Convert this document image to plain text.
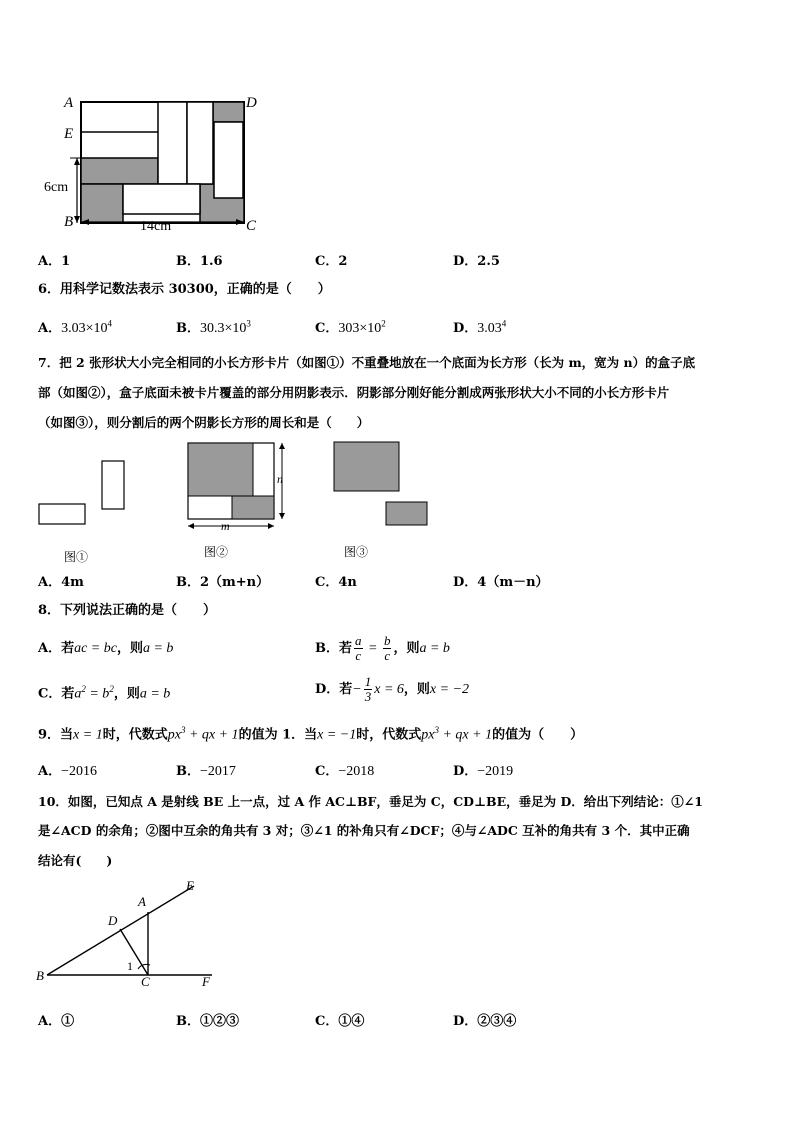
A	D
E
B	C
6cm
14cm
A．1	B．1.6	C．2	D．2.5
6．用科学记数法表示 30300，正确的是（　　）
A．$3.03\times 10^4$	B．$30.3\times 10^3$	C．$303\times 10^2$	D．3.03$^4$
7．把 2 张形状大小完全相同的小长方形卡片（如图①）不重叠地放在一个底面为长方形（长为 m，宽为 n）的盒子底
部（如图②），盒子底面未被卡片覆盖的部分用阴影表示．阴影部分刚好能分割成两张形状大小不同的小长方形卡片
（如图③），则分割后的两个阴影长方形的周长和是（　　）
n
m
图①	图②	图③
A．4m	B．2（m+n）	C．4n	D．4（m－n）
8．下列说法正确的是（　　）
A．若ac = bc，则a = b	B．若 $\frac{a}{c} = \frac{b}{c}$ ，则a = b
C．若$a^2 = b^2$，则a = b	D．若− $\frac{1}{3}$ x = 6，则x = −2
9．当x = 1时，代数式$px^3$ + qx + 1的值为 1．当x = −1时，代数式$px^3$ + qx + 1的值为（　　）
A．−2016	B．−2017	C．−2018	D．−2019
10．如图，已知点 A 是射线 BE 上一点，过 A 作 AC⊥BF，垂足为 C，CD⊥BE，垂足为 D．给出下列结论：①∠1
是∠ACD 的余角；②图中互余的角共有 3 对；③∠1 的补角只有∠DCF；④与∠ADC 互补的角共有 3 个．其中正确
结论有(　　)
E
A
D
B	C	F
1
A．①	B．①②③	C．①④	D．②③④
